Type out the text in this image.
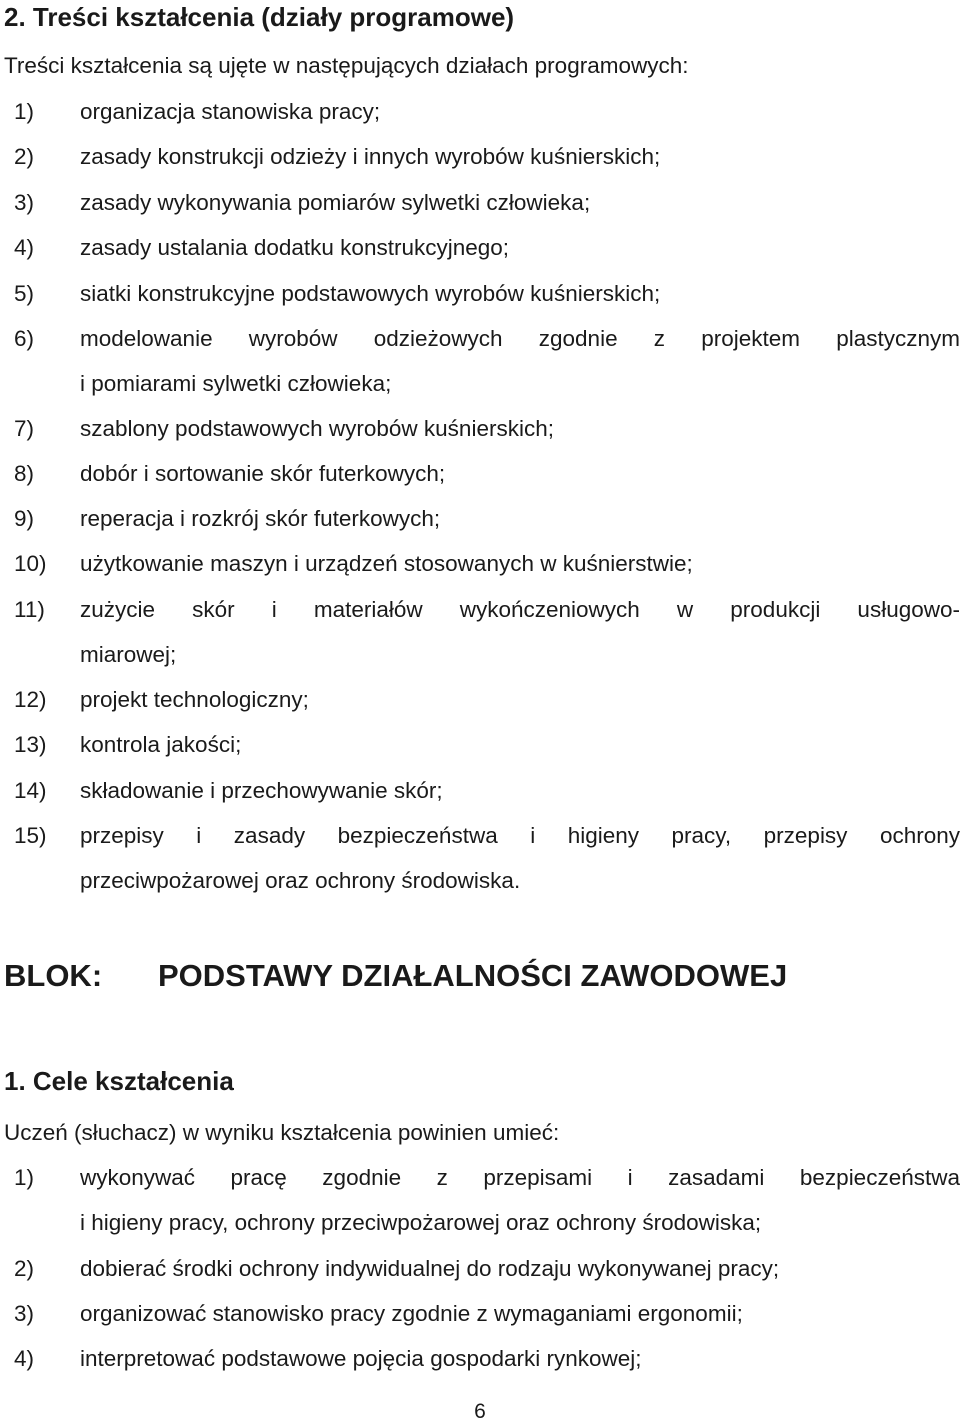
2. Treści kształcenia (działy programowe)
Treści kształcenia są ujęte w następujących działach programowych:
1) organizacja stanowiska pracy;
2) zasady konstrukcji odzieży i innych wyrobów kuśnierskich;
3) zasady wykonywania pomiarów sylwetki człowieka;
4) zasady ustalania dodatku konstrukcyjnego;
5) siatki konstrukcyjne podstawowych wyrobów kuśnierskich;
6) modelowanie wyrobów odzieżowych zgodnie z projektem plastycznym
i pomiarami sylwetki człowieka;
7) szablony podstawowych wyrobów kuśnierskich;
8) dobór i sortowanie skór futerkowych;
9) reperacja i rozkrój skór futerkowych;
10) użytkowanie maszyn i urządzeń stosowanych w kuśnierstwie;
11) zużycie skór i materiałów wykończeniowych w produkcji usługowo-
miarowej;
12) projekt technologiczny;
13) kontrola jakości;
14) składowanie i przechowywanie skór;
15) przepisy i zasady bezpieczeństwa i higieny pracy, przepisy ochrony
przeciwpożarowej oraz ochrony środowiska.
BLOK: PODSTAWY DZIAŁALNOŚCI ZAWODOWEJ
1. Cele kształcenia
Uczeń (słuchacz) w wyniku kształcenia powinien umieć:
1) wykonywać pracę zgodnie z przepisami i zasadami bezpieczeństwa
i higieny pracy, ochrony przeciwpożarowej oraz ochrony środowiska;
2) dobierać środki ochrony indywidualnej do rodzaju wykonywanej pracy;
3) organizować stanowisko pracy zgodnie z wymaganiami ergonomii;
4) interpretować podstawowe pojęcia gospodarki rynkowej;
6
